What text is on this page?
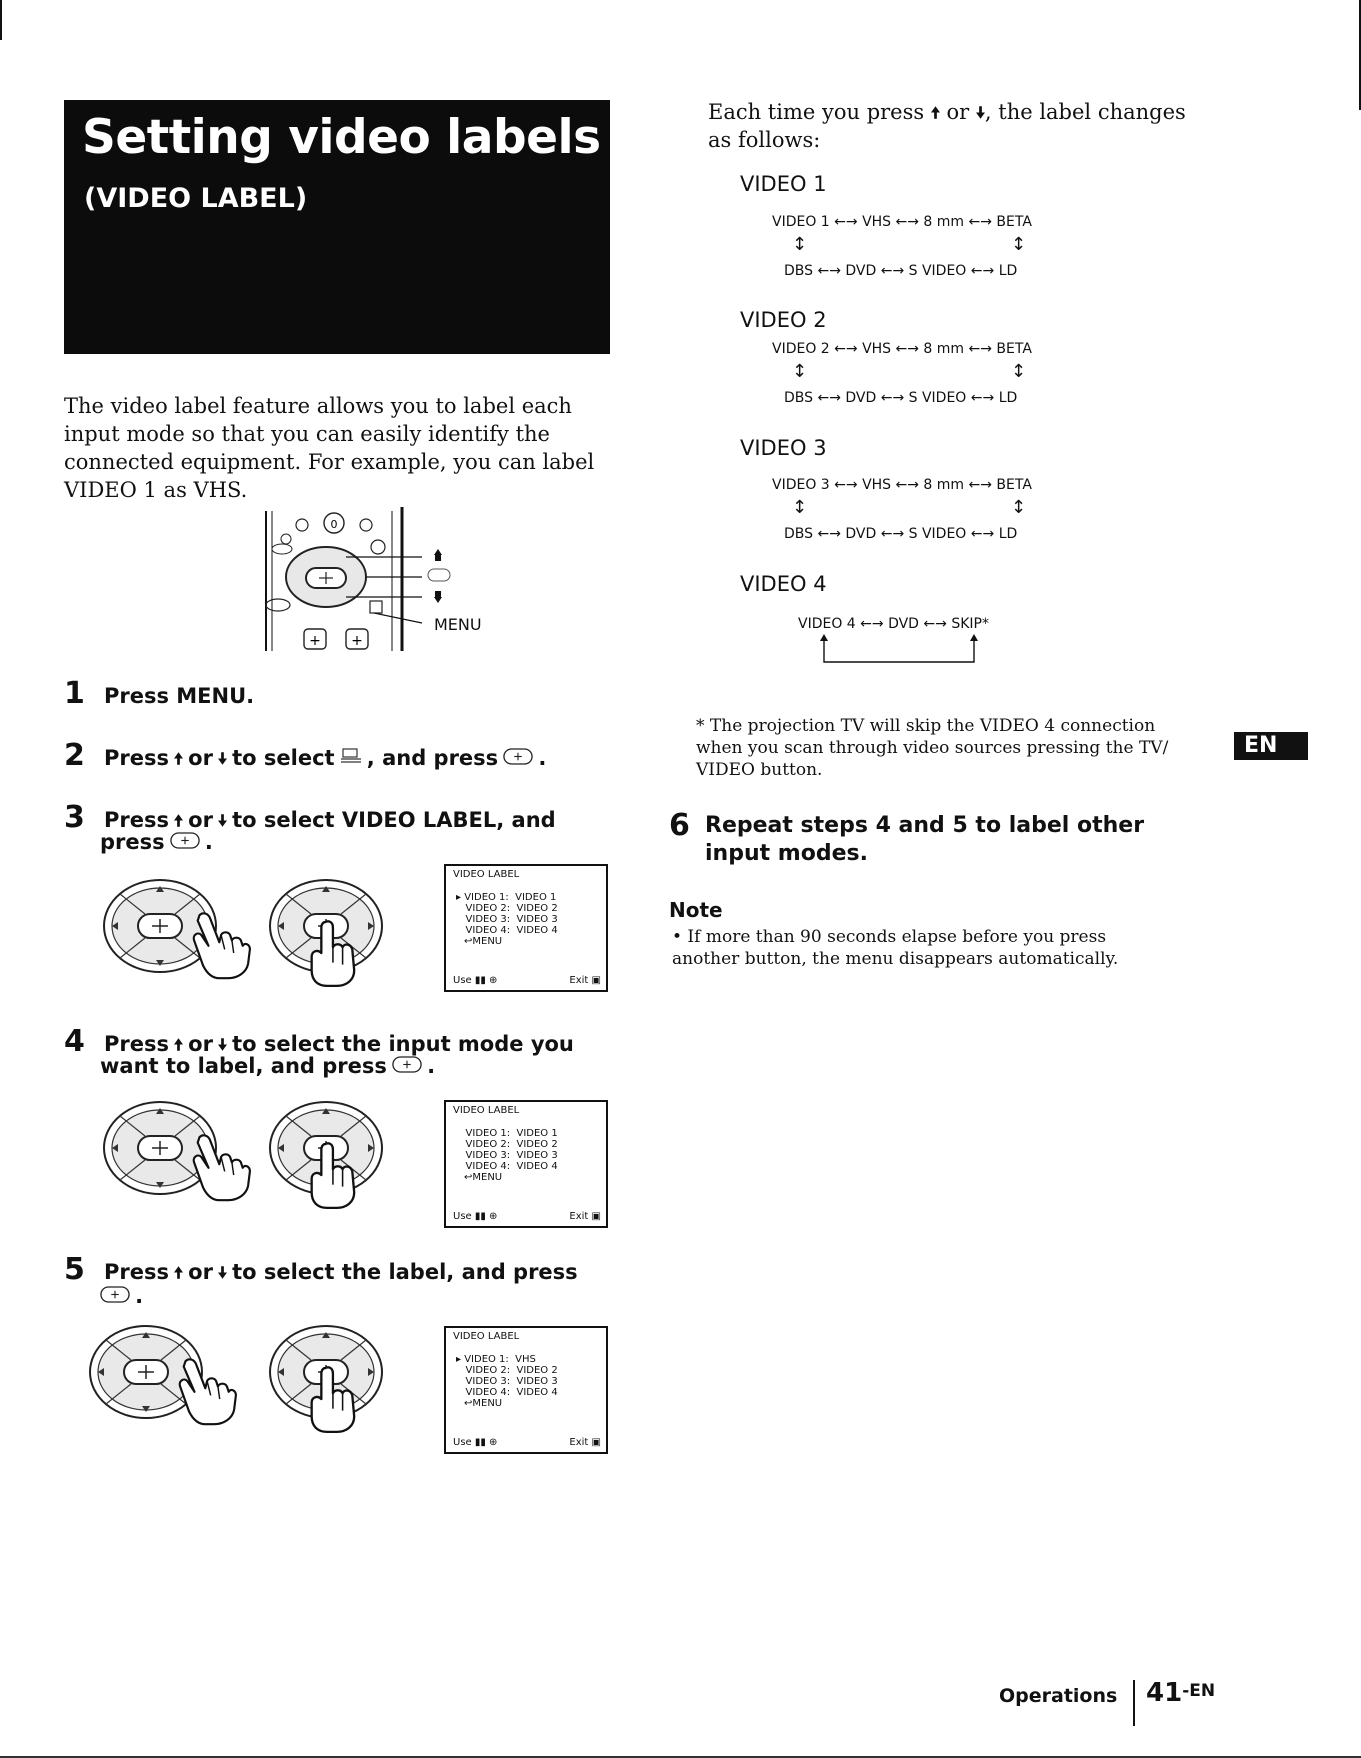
Setting video labels
(VIDEO LABEL)
The video label feature allows you to label each input mode so that you can easily identify the connected equipment. For example, you can label VIDEO 1 as VHS.
0
+ +
MENU
1 Press MENU.
2 Press or to select , and press .
3 Press or to select VIDEO LABEL, and
press .
VIDEO LABEL
▸ VIDEO 1:  VIDEO 1
VIDEO 2:  VIDEO 2
VIDEO 3:  VIDEO 3
VIDEO 4:  VIDEO 4
↩MENU
Use ▮▮ ⊕	Exit ▣
4 Press or to select the input mode you
want to label, and press .
VIDEO LABEL
VIDEO 1:  VIDEO 1
VIDEO 2:  VIDEO 2
VIDEO 3:  VIDEO 3
VIDEO 4:  VIDEO 4
↩MENU
Use ▮▮ ⊕	Exit ▣
5 Press or to select the label, and press
.
VIDEO LABEL
▸ VIDEO 1:  VHS
VIDEO 2:  VIDEO 2
VIDEO 3:  VIDEO 3
VIDEO 4:  VIDEO 4
↩MENU
Use ▮▮ ⊕	Exit ▣
Each time you press or , the label changes as follows:
VIDEO 1
VIDEO 1 ←→ VHS ←→ 8 mm ←→ BETA
↕	↕
DBS ←→ DVD ←→ S VIDEO ←→ LD
VIDEO 2
VIDEO 2 ←→ VHS ←→ 8 mm ←→ BETA
↕	↕
DBS ←→ DVD ←→ S VIDEO ←→ LD
VIDEO 3
VIDEO 3 ←→ VHS ←→ 8 mm ←→ BETA
↕	↕
DBS ←→ DVD ←→ S VIDEO ←→ LD
VIDEO 4
VIDEO 4 ←→ DVD ←→ SKIP*
* The projection TV will skip the VIDEO 4 connection when you scan through video sources pressing the TV/ VIDEO button.
6 Repeat steps 4 and 5 to label other input modes.
Note
• If more than 90 seconds elapse before you press another button, the menu disappears automatically.
EN
Operations $41^{-EN}$
